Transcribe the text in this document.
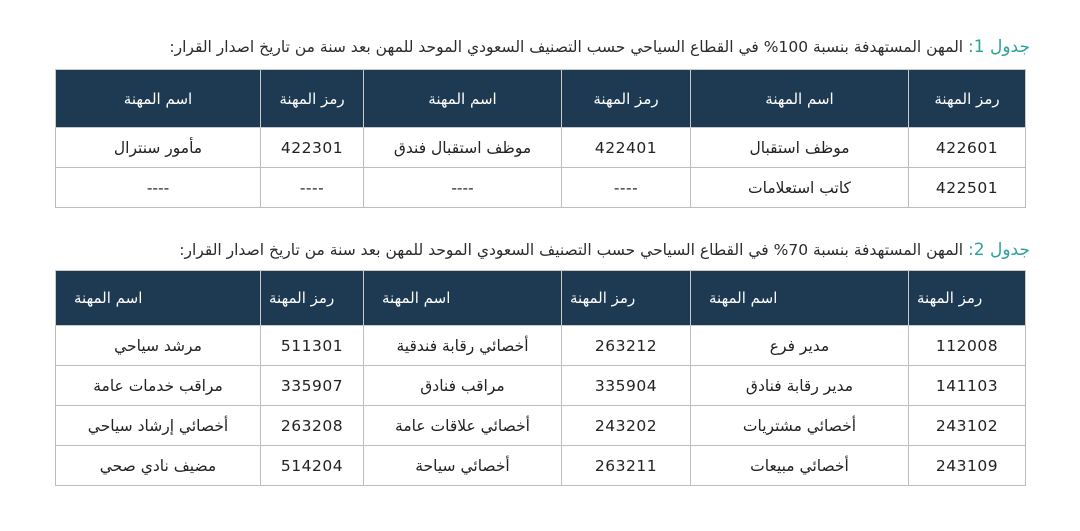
جدول 1: المهن المستهدفة بنسبة 100% في القطاع السياحي حسب التصنيف السعودي الموحد للمهن بعد سنة من تاريخ اصدار القرار:
رمز المهنة	اسم المهنة	رمز المهنة	اسم المهنة	رمز المهنة	اسم المهنة
422601	موظف استقبال	422401	موظف استقبال فندق	422301	مأمور سنترال
422501	كاتب استعلامات	----	----	----	----
جدول 2: المهن المستهدفة بنسبة 70% في القطاع السياحي حسب التصنيف السعودي الموحد للمهن بعد سنة من تاريخ اصدار القرار:
رمز المهنة	اسم المهنة	رمز المهنة	اسم المهنة	رمز المهنة	اسم المهنة
112008	مدير فرع	263212	أخصائي رقابة فندقية	511301	مرشد سياحي
141103	مدير رقابة فنادق	335904	مراقب فنادق	335907	مراقب خدمات عامة
243102	أخصائي مشتريات	243202	أخصائي علاقات عامة	263208	أخصائي إرشاد سياحي
243109	أخصائي مبيعات	263211	أخصائي سياحة	514204	مضيف نادي صحي
